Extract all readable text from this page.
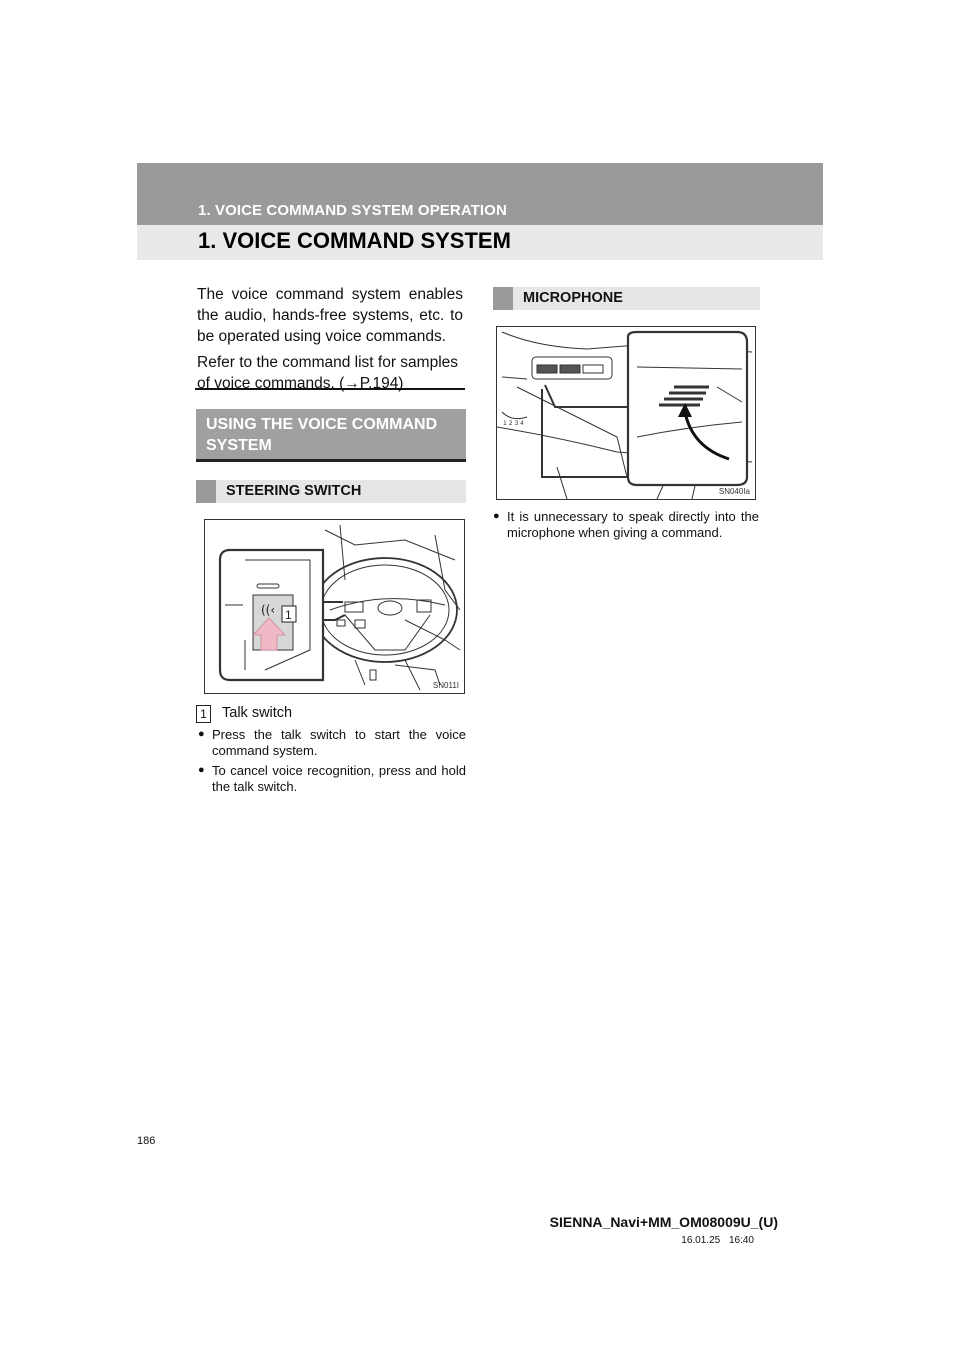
1. VOICE COMMAND SYSTEM OPERATION
1. VOICE COMMAND SYSTEM

The voice command system enables the audio, hands-free systems, etc. to be operated using voice commands.

Refer to the command list for samples of voice commands. (→P.194)

USING THE VOICE COMMAND SYSTEM
STEERING SWITCH
((‹ 1
SN011I
1 Talk switch
● Press the talk switch to start the voice command system.
● To cancel voice recognition, press and hold the talk switch.
MICROPHONE
1 2 3 4
SN040Ia
● It is unnecessary to speak directly into the microphone when giving a command.
186
SIENNA_Navi+MM_OM08009U_(U)
16.01.25 16:40
